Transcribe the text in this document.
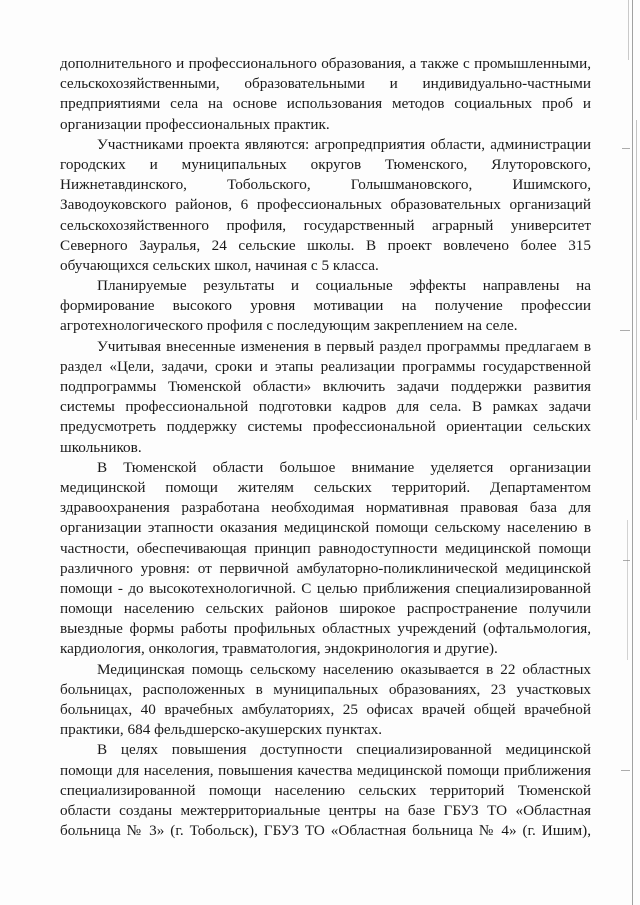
дополнительного и профессионального образования, а также с промышленными,
сельскохозяйственными, образовательными и индивидуально-частными
предприятиями села на основе использования методов социальных проб и
организации профессиональных практик.
Участниками проекта являются: агропредприятия области, администрации
городских и муниципальных округов Тюменского, Ялуторовского,
Нижнетавдинского, Тобольского, Голышмановского, Ишимского,
Заводоуковского районов, 6 профессиональных образовательных организаций
сельскохозяйственного профиля, государственный аграрный университет
Северного Зауралья, 24 сельские школы. В проект вовлечено более 315
обучающихся сельских школ, начиная с 5 класса.
Планируемые результаты и социальные эффекты направлены на
формирование высокого уровня мотивации на получение профессии
агротехнологического профиля с последующим закреплением на селе.
Учитывая внесенные изменения в первый раздел программы предлагаем в
раздел «Цели, задачи, сроки и этапы реализации программы государственной
подпрограммы Тюменской области» включить задачи поддержки развития
системы профессиональной подготовки кадров для села. В рамках задачи
предусмотреть поддержку системы профессиональной ориентации сельских
школьников.
В Тюменской области большое внимание уделяется организации
медицинской помощи жителям сельских территорий. Департаментом
здравоохранения разработана необходимая нормативная правовая база для
организации этапности оказания медицинской помощи сельскому населению в
частности, обеспечивающая принцип равнодоступности медицинской помощи
различного уровня: от первичной амбулаторно-поликлинической медицинской
помощи - до высокотехнологичной. С целью приближения специализированной
помощи населению сельских районов широкое распространение получили
выездные формы работы профильных областных учреждений (офтальмология,
кардиология, онкология, травматология, эндокринология и другие).
Медицинская помощь сельскому населению оказывается в 22 областных
больницах, расположенных в муниципальных образованиях, 23 участковых
больницах, 40 врачебных амбулаториях, 25 офисах врачей общей врачебной
практики, 684 фельдшерско-акушерских пунктах.
В целях повышения доступности специализированной медицинской
помощи для населения, повышения качества медицинской помощи приближения
специализированной помощи населению сельских территорий Тюменской
области созданы межтерриториальные центры на базе ГБУЗ ТО «Областная
больница № 3» (г. Тобольск), ГБУЗ ТО «Областная больница № 4» (г. Ишим),
